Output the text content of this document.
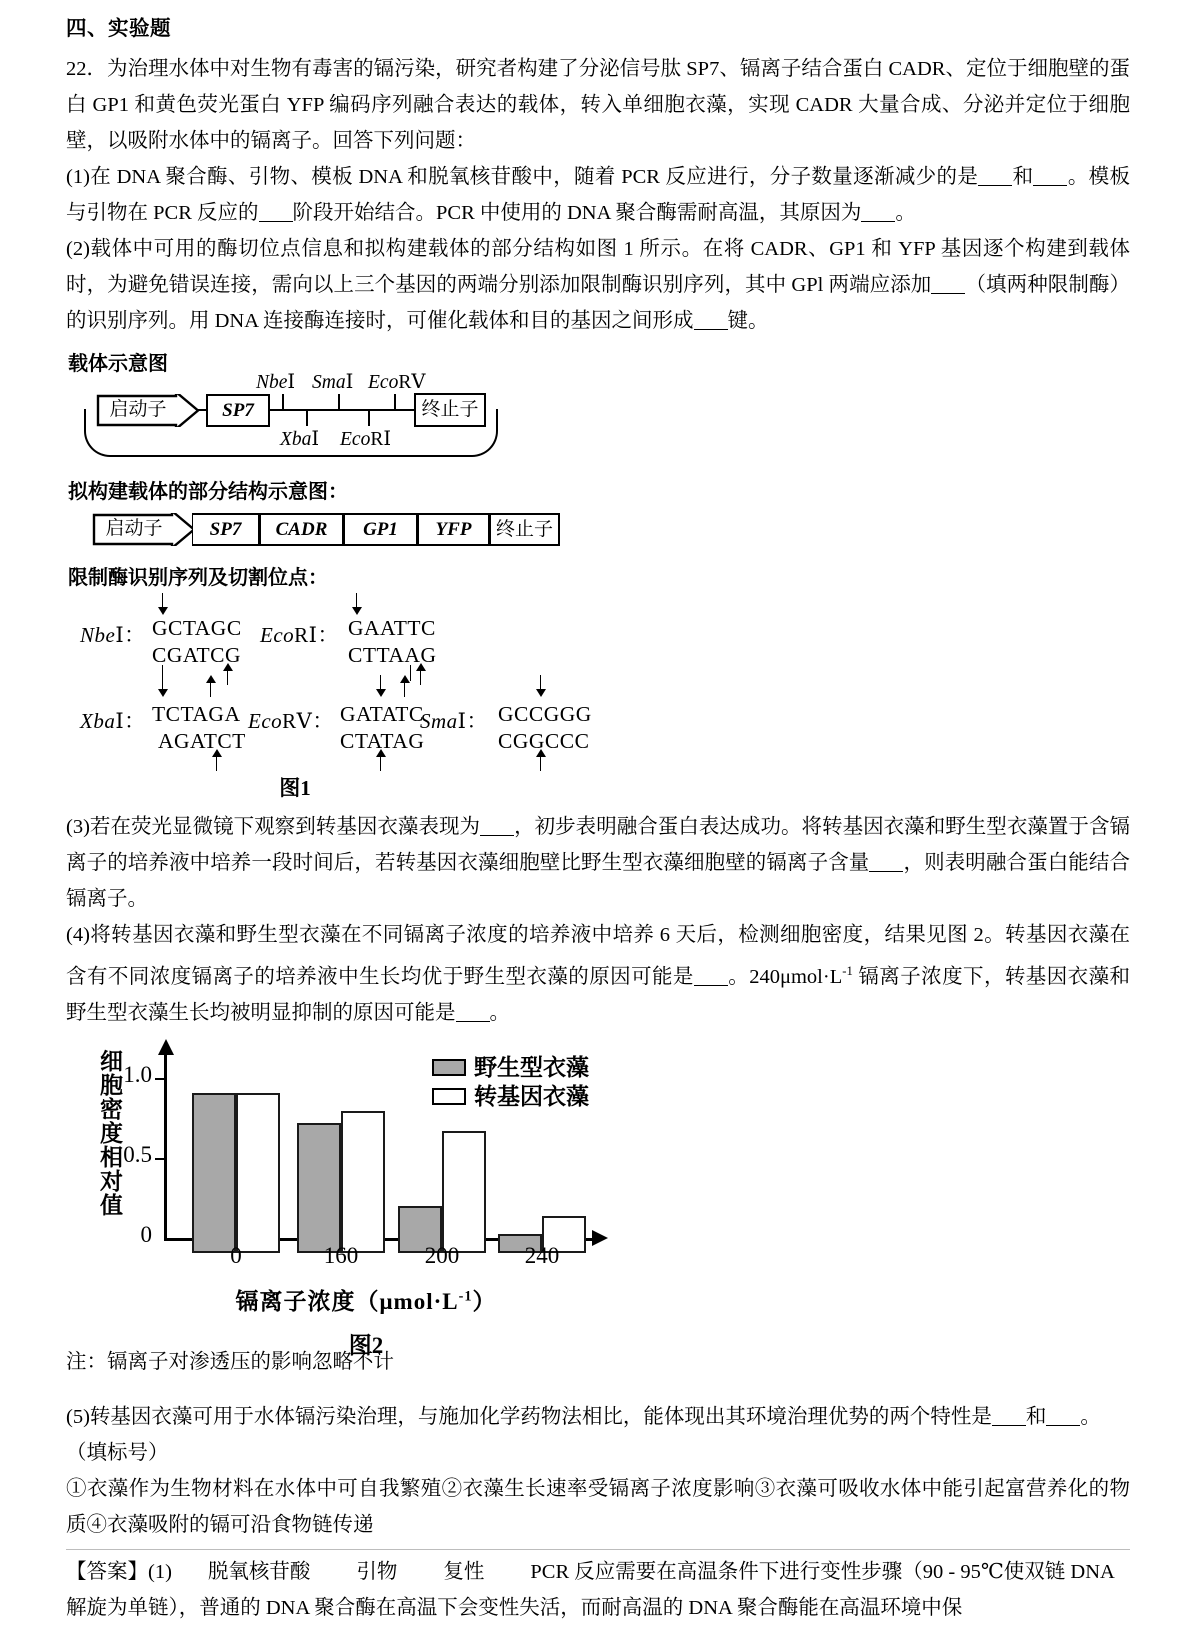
四、实验题

22．为治理水体中对生物有毒害的镉污染，研究者构建了分泌信号肽 SP7、镉离子结合蛋白 CADR、定位于细胞壁的蛋白 GP1 和黄色荧光蛋白 YFP 编码序列融合表达的载体，转入单细胞衣藻，实现 CADR 大量合成、分泌并定位于细胞壁，以吸附水体中的镉离子。回答下列问题：

(1)在 DNA 聚合酶、引物、模板 DNA 和脱氧核苷酸中，随着 PCR 反应进行，分子数量逐渐减少的是 和 。模板与引物在 PCR 反应的 阶段开始结合。PCR 中使用的 DNA 聚合酶需耐高温，其原因为 。

(2)载体中可用的酶切位点信息和拟构建载体的部分结构如图 1 所示。在将 CADR、GP1 和 YFP 基因逐个构建到载体时，为避免错误连接，需向以上三个基因的两端分别添加限制酶识别序列，其中 GPl 两端应添加 （填两种限制酶）的识别序列。用 DNA 连接酶连接时，可催化载体和目的基因之间形成 键。

载体示意图
启动子	SP7	终止子
NbeⅠ SmaⅠ EcoRⅤ
XbaⅠ EcoRⅠ
拟构建载体的部分结构示意图：
启动子	SP7	CADR	GP1	YFP	终止子
限制酶识别序列及切割位点：
NbeⅠ： GCTAGC
CGATCG
EcoRⅠ： GAATTC
CTTAAG
XbaⅠ： TCTAGA
AGATCT
EcoRⅤ： GATATC
CTATAG
SmaⅠ： GCCGGG
CGGCCC
图1

(3)若在荧光显微镜下观察到转基因衣藻表现为 ，初步表明融合蛋白表达成功。将转基因衣藻和野生型衣藻置于含镉离子的培养液中培养一段时间后，若转基因衣藻细胞壁比野生型衣藻细胞壁的镉离子含量 ，则表明融合蛋白能结合镉离子。

(4)将转基因衣藻和野生型衣藻在不同镉离子浓度的培养液中培养 6 天后，检测细胞密度，结果见图 2。转基因衣藻在含有不同浓度镉离子的培养液中生长均优于野生型衣藻的原因可能是 。$240\mu mol\cdot L^{-1}$ 镉离子浓度下，转基因衣藻和野生型衣藻生长均被明显抑制的原因可能是 。

细胞密度相对值 1.0
0.5
0
0	160	200	240
野生型衣藻
转基因衣藻
镉离子浓度$(\mu mol\cdot L^{-1})$
图2

注：镉离子对渗透压的影响忽略不计

(5)转基因衣藻可用于水体镉污染治理，与施加化学药物法相比，能体现出其环境治理优势的两个特性是 和 。

（填标号）

①衣藻作为生物材料在水体中可自我繁殖②衣藻生长速率受镉离子浓度影响③衣藻可吸收水体中能引起富营养化的物质④衣藻吸附的镉可沿食物链传递

【答案】(1) 脱氧核苷酸 引物 复性 PCR 反应需要在高温条件下进行变性步骤（90 - 95℃使双链 DNA 解旋为单链），普通的 DNA 聚合酶在高温下会变性失活，而耐高温的 DNA 聚合酶能在高温环境中保
